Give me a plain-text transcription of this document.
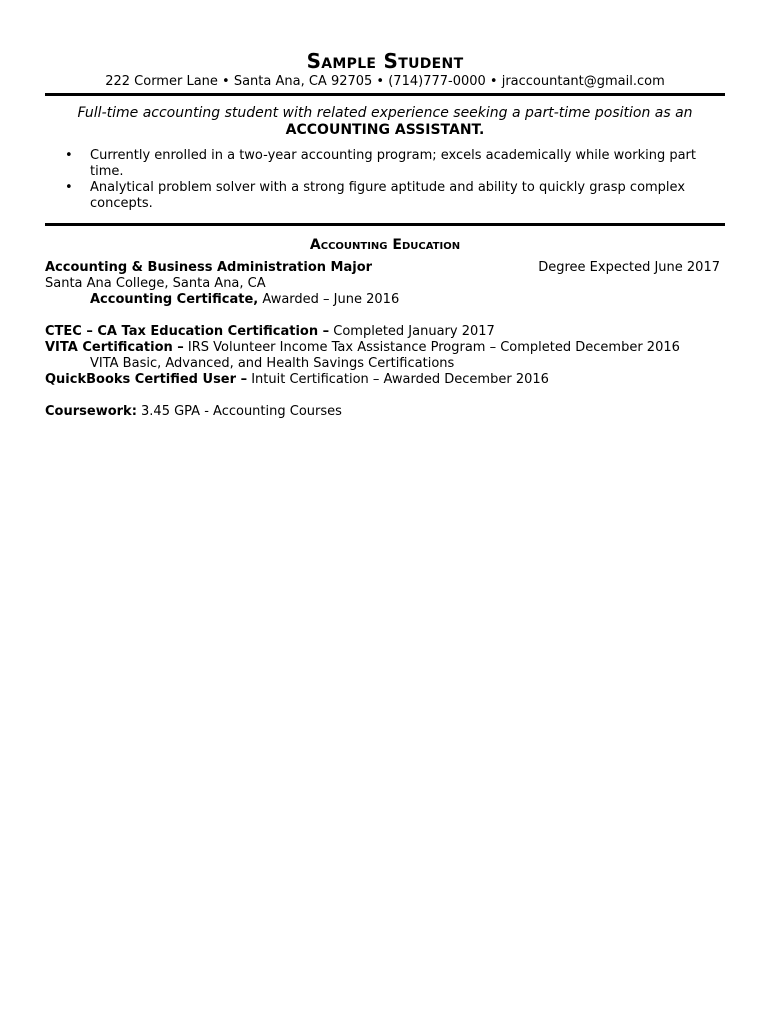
Sample Student
222 Cormer Lane • Santa Ana, CA 92705 • (714)777-0000 • jraccountant@gmail.com
Full-time accounting student with related experience seeking a part-time position as an
ACCOUNTING ASSISTANT.
• Currently enrolled in a two-year accounting program; excels academically while working part time.
• Analytical problem solver with a strong figure aptitude and ability to quickly grasp complex concepts.
Accounting Education
Accounting & Business Administration Major	Degree Expected June 2017
Santa Ana College, Santa Ana, CA
Accounting Certificate, Awarded – June 2016
CTEC – CA Tax Education Certification – Completed January 2017
VITA Certification – IRS Volunteer Income Tax Assistance Program – Completed December 2016
VITA Basic, Advanced, and Health Savings Certifications
QuickBooks Certified User – Intuit Certification – Awarded December 2016
Coursework: 3.45 GPA - Accounting Courses
